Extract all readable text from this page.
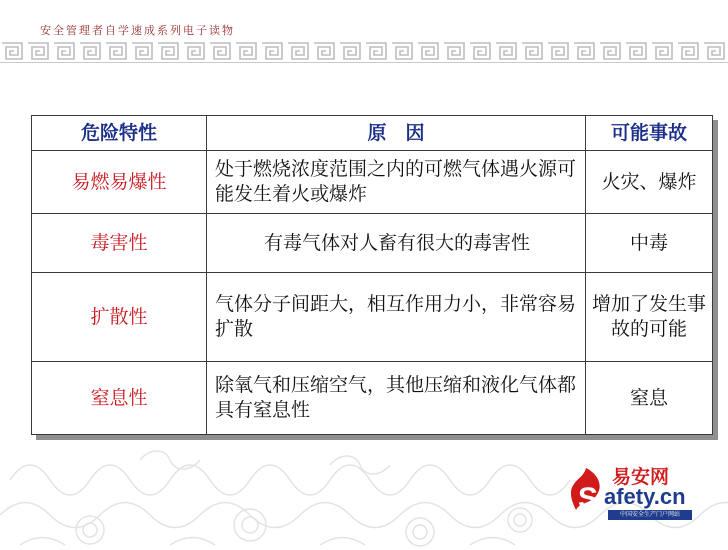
安全管理者自学速成系列电子读物
危险特性	原　因	可能事故
易燃易爆性	处于燃烧浓度范围之内的可燃气体遇火源可能发生着火或爆炸	火灾、爆炸
毒害性	有毒气体对人畜有很大的毒害性	中毒
扩散性	气体分子间距大，相互作用力小，非常容易扩散	增加了发生事故的可能
窒息性	除氧气和压缩空气，其他压缩和液化气体都具有窒息性	窒息
S
易安网
afety.cn
中国安全生产门户网站
